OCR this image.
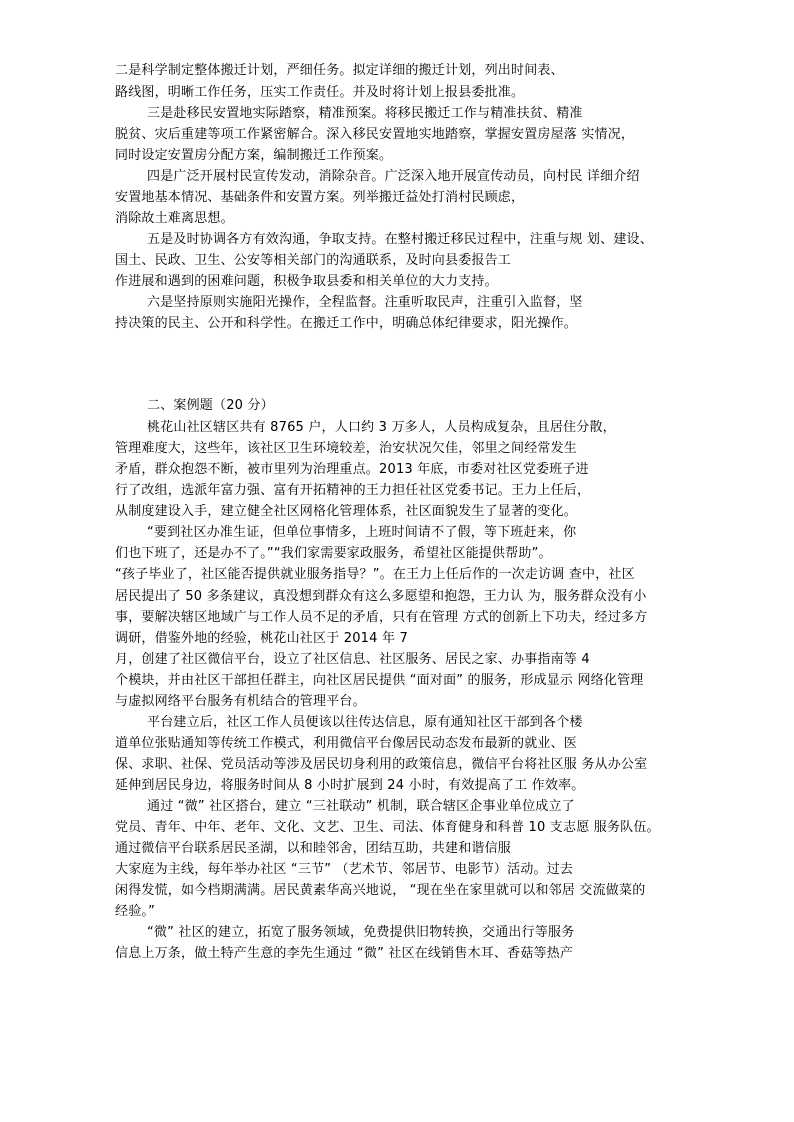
二是科学制定整体搬迁计划，严细任务。拟定详细的搬迁计划，列出时间表、
路线图，明晰工作任务，压实工作责任。并及时将计划上报县委批准。
三是赴移民安置地实际踏察，精准预案。将移民搬迁工作与精准扶贫、精准
脱贫、灾后重建等项工作紧密解合。深入移民安置地实地踏察，掌握安置房屋落 实情况，
同时设定安置房分配方案，编制搬迁工作预案。
四是广泛开展村民宣传发动，消除杂音。广泛深入地开展宣传动员，向村民 详细介绍
安置地基本情况、基础条件和安置方案。列举搬迁益处打消村民顾虑，
消除故土难离思想。
五是及时协调各方有效沟通，争取支持。在整村搬迁移民过程中，注重与规 划、建设、
国土、民政、卫生、公安等相关部门的沟通联系，及时向县委报告工
作进展和遇到的困难问题，积极争取县委和相关单位的大力支持。
六是坚持原则实施阳光操作，全程监督。注重听取民声，注重引入监督，坚
持决策的民主、公开和科学性。在搬迁工作中，明确总体纪律要求，阳光操作。
二、案例题（20 分）
桃花山社区辖区共有 8765 户，人口约 3 万多人，人员构成复杂，且居住分散，
管理难度大，这些年，该社区卫生环境较差，治安状况欠佳，邻里之间经常发生
矛盾，群众抱怨不断，被市里列为治理重点。2013 年底，市委对社区党委班子进
行了改组，选派年富力强、富有开拓精神的王力担任社区党委书记。王力上任后，
从制度建设入手，建立健全社区网格化管理体系，社区面貌发生了显著的变化。
“要到社区办准生证，但单位事情多，上班时间请不了假，等下班赶来，你
们也下班了，还是办不了。”“我们家需要家政服务，希望社区能提供帮助”。
“孩子毕业了，社区能否提供就业服务指导？”。在王力上任后作的一次走访调 查中，社区
居民提出了 50 多条建议，真没想到群众有这么多愿望和抱怨，王力认 为，服务群众没有小
事，要解决辖区地域广与工作人员不足的矛盾，只有在管理 方式的创新上下功夫，经过多方
调研，借鉴外地的经验，桃花山社区于 2014 年 7
月，创建了社区微信平台，设立了社区信息、社区服务、居民之家、办事指南等 4
个模块，并由社区干部担任群主，向社区居民提供 “面对面” 的服务，形成显示 网络化管理
与虚拟网络平台服务有机结合的管理平台。
平台建立后，社区工作人员便该以往传达信息，原有通知社区干部到各个楼
道单位张贴通知等传统工作模式，利用微信平台像居民动态发布最新的就业、医
保、求职、社保、党员活动等涉及居民切身利用的政策信息，微信平台将社区服 务从办公室
延伸到居民身边，将服务时间从 8 小时扩展到 24 小时，有效提高了工 作效率。
通过 “微” 社区搭台，建立 “三社联动” 机制，联合辖区企事业单位成立了
党员、青年、中年、老年、文化、文艺、卫生、司法、体育健身和科普 10 支志愿 服务队伍。
通过微信平台联系居民圣湖，以和睦邻舍，团结互助，共建和谐信服
大家庭为主线，每年举办社区 “三节” （艺术节、邻居节、电影节）活动。过去
闲得发慌，如今档期满满。居民黄素华高兴地说， “现在坐在家里就可以和邻居 交流做菜的
经验。”
“微” 社区的建立，拓宽了服务领域，免费提供旧物转换，交通出行等服务
信息上万条，做土特产生意的李先生通过 “微” 社区在线销售木耳、香菇等热产
